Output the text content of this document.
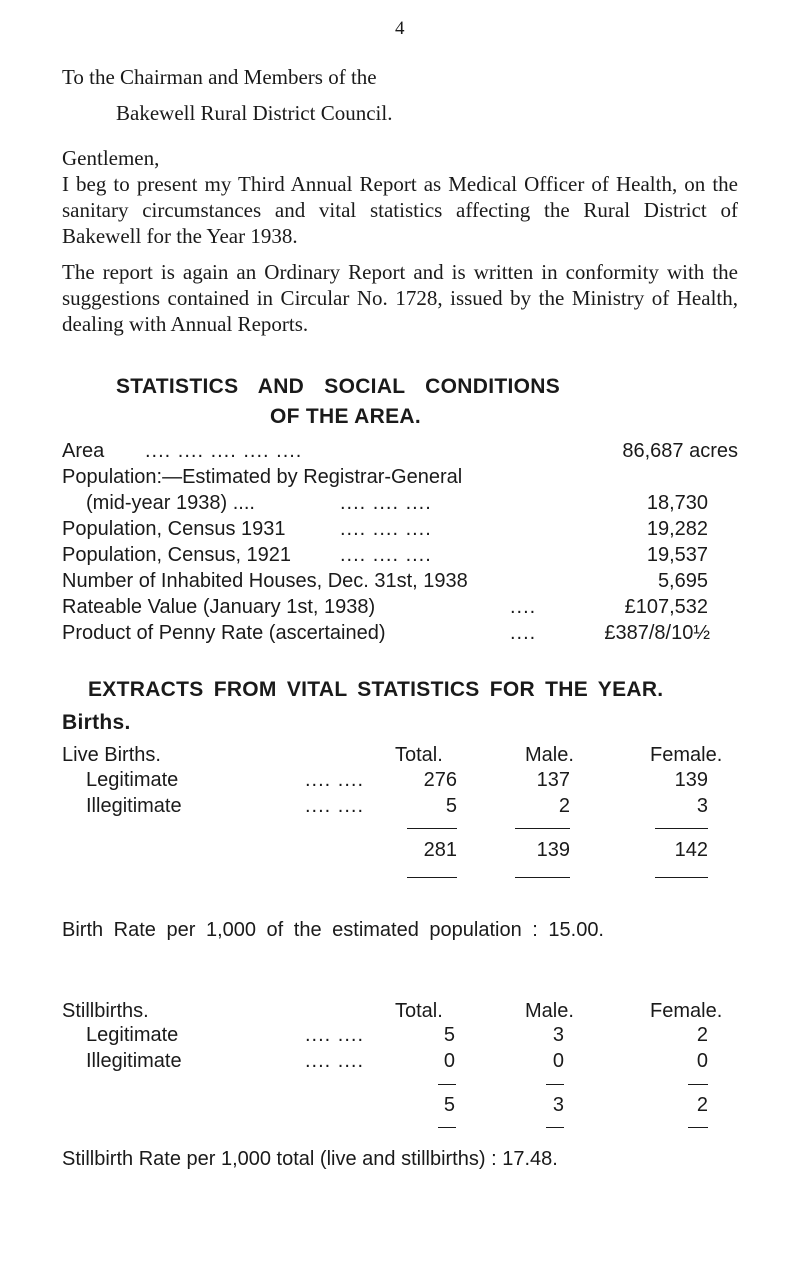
4
To the Chairman and Members of the
Bakewell Rural District Council.
Gentlemen,
I beg to present my Third Annual Report as Medical Officer of Health, on the sanitary circumstances and vital statistics affecting the Rural District of Bakewell for the Year 1938.
The report is again an Ordinary Report and is written in conformity with the suggestions contained in Circular No. 1728, issued by the Ministry of Health, dealing with Annual Reports.
STATISTICS AND SOCIAL CONDITIONS
OF THE AREA.
Area .... .... .... .... ....	86,687 acres
Population:—Estimated by Registrar-General
(mid-year 1938) ....	.... .... ....	18,730
Population, Census 1931	.... .... ....	19,282
Population, Census, 1921 .... .... ....	19,537
Number of Inhabited Houses, Dec. 31st, 1938	5,695
Rateable Value (January 1st, 1938)	....	£107,532
Product of Penny Rate (ascertained)	....	£387/8/10½
EXTRACTS FROM VITAL STATISTICS FOR THE YEAR.
Births.
Live Births.	Total.	Male.	Female.
Legitimate	.... ....	276	137	139
Illegitimate	.... ....	5	2	3
281	139	142
Birth Rate per 1,000 of the estimated population : 15.00.
Stillbirths.	Total.	Male.	Female.
Legitimate	.... ....	5	3	2
Illegitimate	.... ....	0	0	0
5	3	2
Stillbirth Rate per 1,000 total (live and stillbirths) : 17.48.
